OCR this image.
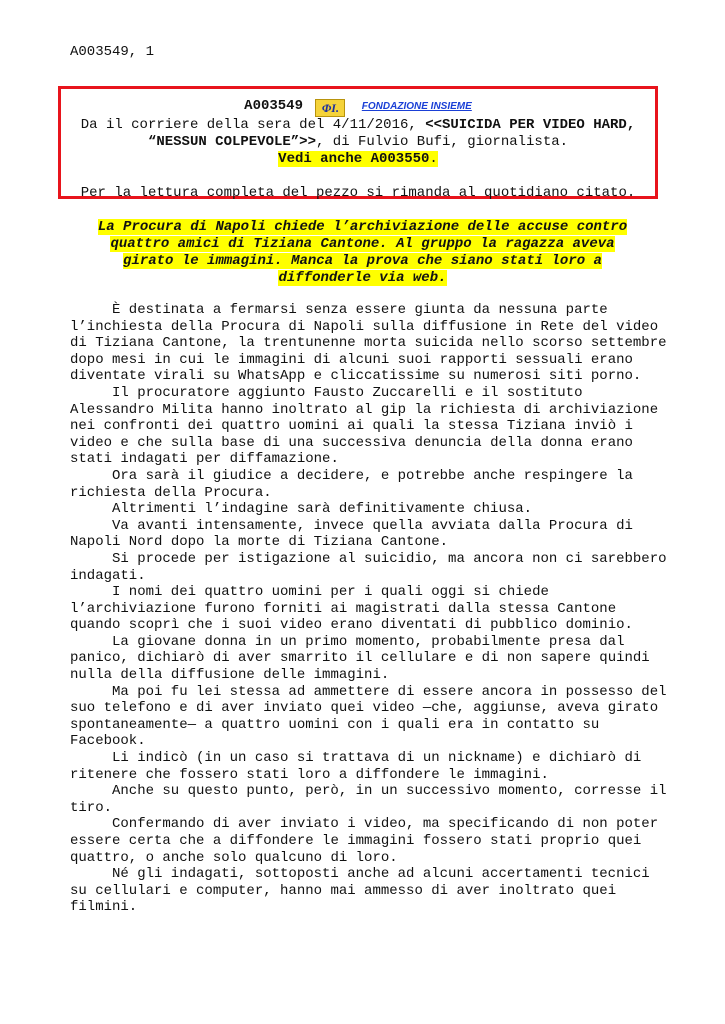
A003549, 1
A003549 ΦΙ. FONDAZIONE INSIEME
Da il corriere della sera del 4/11/2016, <<SUICIDA PER VIDEO HARD,
“NESSUN COLPEVOLE”>>, di Fulvio Bufi, giornalista.
Vedi anche A003550.
Per la lettura completa del pezzo si rimanda al quotidiano citato.
La Procura di Napoli chiede l’archiviazione delle accuse contro
quattro amici di Tiziana Cantone. Al gruppo la ragazza aveva
girato le immagini. Manca la prova che siano stati loro a
diffonderle via web.

È destinata a fermarsi senza essere giunta da nessuna parte l’inchiesta della Procura di Napoli sulla diffusione in Rete del video di Tiziana Cantone, la trentunenne morta suicida nello scorso settembre dopo mesi in cui le immagini di alcuni suoi rapporti sessuali erano diventate virali su WhatsApp e cliccatissime su numerosi siti porno.

Il procuratore aggiunto Fausto Zuccarelli e il sostituto Alessandro Milita hanno inoltrato al gip la richiesta di archiviazione nei confronti dei quattro uomini ai quali la stessa Tiziana inviò i video e che sulla base di una successiva denuncia della donna erano stati indagati per diffamazione.

Ora sarà il giudice a decidere, e potrebbe anche respingere la richiesta della Procura.

Altrimenti l’indagine sarà definitivamente chiusa.

Va avanti intensamente, invece quella avviata dalla Procura di Napoli Nord dopo la morte di Tiziana Cantone.

Si procede per istigazione al suicidio, ma ancora non ci sarebbero indagati.

I nomi dei quattro uomini per i quali oggi si chiede l’archiviazione furono forniti ai magistrati dalla stessa Cantone quando scoprì che i suoi video erano diventati di pubblico dominio.

La giovane donna in un primo momento, probabilmente presa dal panico, dichiarò di aver smarrito il cellulare e di non sapere quindi nulla della diffusione delle immagini.

Ma poi fu lei stessa ad ammettere di essere ancora in possesso del suo telefono e di aver inviato quei video —che, aggiunse, aveva girato spontaneamente— a quattro uomini con i quali era in contatto su Facebook.

Li indicò (in un caso si trattava di un nickname) e dichiarò di ritenere che fossero stati loro a diffondere le immagini.

Anche su questo punto, però, in un successivo momento, corresse il tiro.

Confermando di aver inviato i video, ma specificando di non poter essere certa che a diffondere le immagini fossero stati proprio quei quattro, o anche solo qualcuno di loro.

Né gli indagati, sottoposti anche ad alcuni accertamenti tecnici su cellulari e computer, hanno mai ammesso di aver inoltrato quei filmini.
